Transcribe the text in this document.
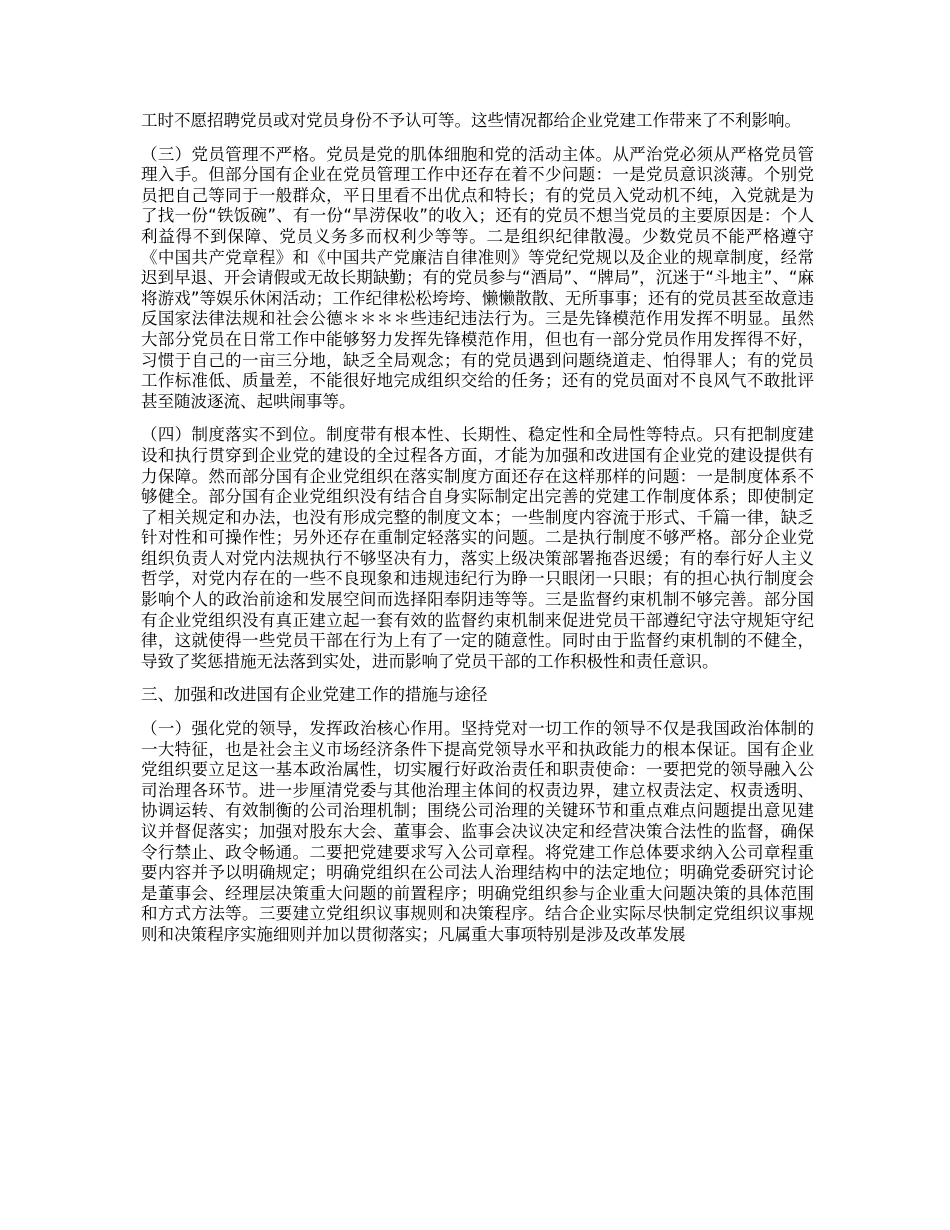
工时不愿招聘党员或对党员身份不予认可等。这些情况都给企业党建工作带来了不利影响。

（三）党员管理不严格。党员是党的肌体细胞和党的活动主体。从严治党必须从严格党员管理入手。但部分国有企业在党员管理工作中还存在着不少问题：一是党员意识淡薄。个别党员把自己等同于一般群众，平日里看不出优点和特长；有的党员入党动机不纯，入党就是为了找一份“铁饭碗”、有一份“旱涝保收”的收入；还有的党员不想当党员的主要原因是：个人利益得不到保障、党员义务多而权利少等等。二是组织纪律散漫。少数党员不能严格遵守《中国共产党章程》和《中国共产党廉洁自律准则》等党纪党规以及企业的规章制度，经常迟到早退、开会请假或无故长期缺勤；有的党员参与“酒局”、“牌局”，沉迷于“斗地主”、“麻将游戏”等娱乐休闲活动；工作纪律松松垮垮、懒懒散散、无所事事；还有的党员甚至故意违反国家法律法规和社会公德＊＊＊＊些违纪违法行为。三是先锋模范作用发挥不明显。虽然大部分党员在日常工作中能够努力发挥先锋模范作用，但也有一部分党员作用发挥得不好，习惯于自己的一亩三分地，缺乏全局观念；有的党员遇到问题绕道走、怕得罪人；有的党员工作标准低、质量差，不能很好地完成组织交给的任务；还有的党员面对不良风气不敢批评甚至随波逐流、起哄闹事等。

（四）制度落实不到位。制度带有根本性、长期性、稳定性和全局性等特点。只有把制度建设和执行贯穿到企业党的建设的全过程各方面，才能为加强和改进国有企业党的建设提供有力保障。然而部分国有企业党组织在落实制度方面还存在这样那样的问题：一是制度体系不够健全。部分国有企业党组织没有结合自身实际制定出完善的党建工作制度体系；即使制定了相关规定和办法，也没有形成完整的制度文本；一些制度内容流于形式、千篇一律，缺乏针对性和可操作性；另外还存在重制定轻落实的问题。二是执行制度不够严格。部分企业党组织负责人对党内法规执行不够坚决有力，落实上级决策部署拖沓迟缓；有的奉行好人主义哲学，对党内存在的一些不良现象和违规违纪行为睁一只眼闭一只眼；有的担心执行制度会影响个人的政治前途和发展空间而选择阳奉阴违等等。三是监督约束机制不够完善。部分国有企业党组织没有真正建立起一套有效的监督约束机制来促进党员干部遵纪守法守规矩守纪律，这就使得一些党员干部在行为上有了一定的随意性。同时由于监督约束机制的不健全，导致了奖惩措施无法落到实处，进而影响了党员干部的工作积极性和责任意识。

三、加强和改进国有企业党建工作的措施与途径

（一）强化党的领导，发挥政治核心作用。坚持党对一切工作的领导不仅是我国政治体制的一大特征，也是社会主义市场经济条件下提高党领导水平和执政能力的根本保证。国有企业党组织要立足这一基本政治属性，切实履行好政治责任和职责使命：一要把党的领导融入公司治理各环节。进一步厘清党委与其他治理主体间的权责边界，建立权责法定、权责透明、协调运转、有效制衡的公司治理机制；围绕公司治理的关键环节和重点难点问题提出意见建议并督促落实；加强对股东大会、董事会、监事会决议决定和经营决策合法性的监督，确保令行禁止、政令畅通。二要把党建要求写入公司章程。将党建工作总体要求纳入公司章程重要内容并予以明确规定；明确党组织在公司法人治理结构中的法定地位；明确党委研究讨论是董事会、经理层决策重大问题的前置程序；明确党组织参与企业重大问题决策的具体范围和方式方法等。三要建立党组织议事规则和决策程序。结合企业实际尽快制定党组织议事规则和决策程序实施细则并加以贯彻落实；凡属重大事项特别是涉及改革发展
